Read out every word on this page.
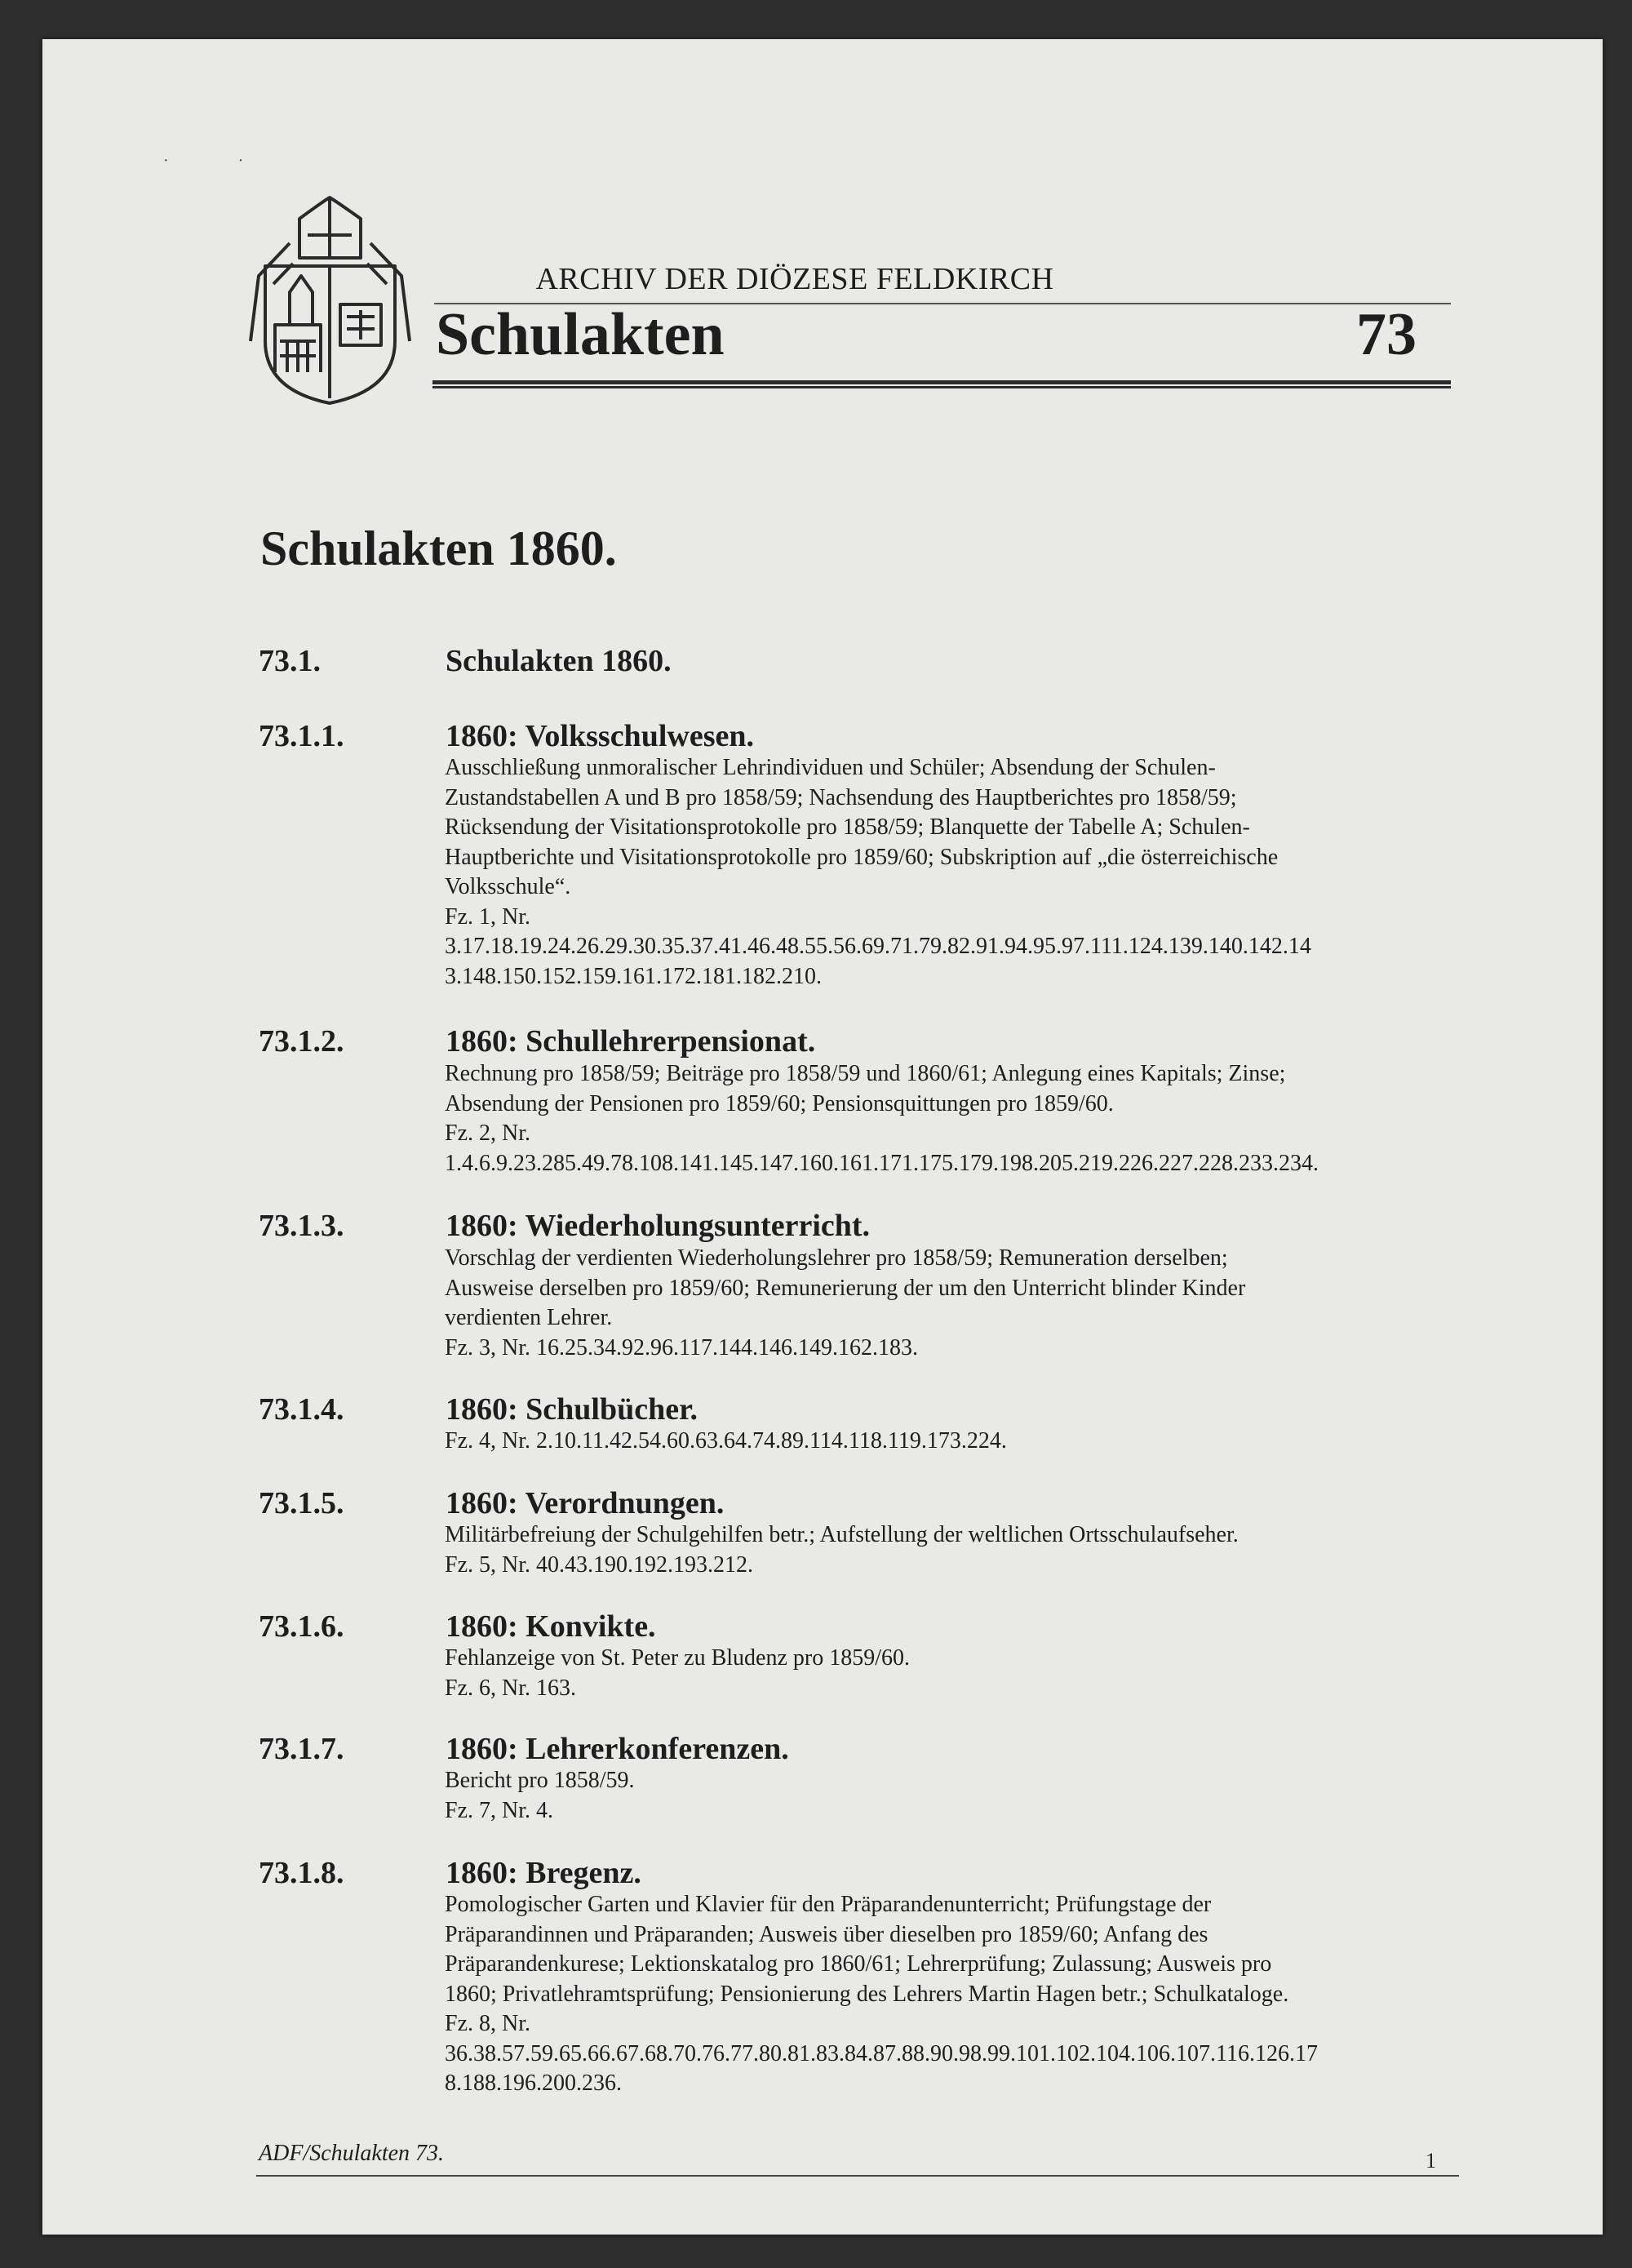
· ·
ARCHIV DER DIÖZESE FELDKIRCH
Schulakten	73
Schulakten 1860.
73.1.	Schulakten 1860.
73.1.1.	1860: Volksschulwesen.
Ausschließung unmoralischer Lehrindividuen und Schüler; Absendung der Schulen-
Zustandstabellen A und B pro 1858/59; Nachsendung des Hauptberichtes pro 1858/59;
Rücksendung der Visitationsprotokolle pro 1858/59; Blanquette der Tabelle A; Schulen-
Hauptberichte und Visitationsprotokolle pro 1859/60; Subskription auf „die österreichische
Volksschule“.
Fz. 1, Nr.
3.17.18.19.24.26.29.30.35.37.41.46.48.55.56.69.71.79.82.91.94.95.97.111.124.139.140.142.14
3.148.150.152.159.161.172.181.182.210.
73.1.2.	1860: Schullehrerpensionat.
Rechnung pro 1858/59; Beiträge pro 1858/59 und 1860/61; Anlegung eines Kapitals; Zinse;
Absendung der Pensionen pro 1859/60; Pensionsquittungen pro 1859/60.
Fz. 2, Nr.
1.4.6.9.23.285.49.78.108.141.145.147.160.161.171.175.179.198.205.219.226.227.228.233.234.
73.1.3.	1860: Wiederholungsunterricht.
Vorschlag der verdienten Wiederholungslehrer pro 1858/59; Remuneration derselben;
Ausweise derselben pro 1859/60; Remunerierung der um den Unterricht blinder Kinder
verdienten Lehrer.
Fz. 3, Nr. 16.25.34.92.96.117.144.146.149.162.183.
73.1.4.	1860: Schulbücher.
Fz. 4, Nr. 2.10.11.42.54.60.63.64.74.89.114.118.119.173.224.
73.1.5.	1860: Verordnungen.
Militärbefreiung der Schulgehilfen betr.; Aufstellung der weltlichen Ortsschulaufseher.
Fz. 5, Nr. 40.43.190.192.193.212.
73.1.6.	1860: Konvikte.
Fehlanzeige von St. Peter zu Bludenz pro 1859/60.
Fz. 6, Nr. 163.
73.1.7.	1860: Lehrerkonferenzen.
Bericht pro 1858/59.
Fz. 7, Nr. 4.
73.1.8.	1860: Bregenz.
Pomologischer Garten und Klavier für den Präparandenunterricht; Prüfungstage der
Präparandinnen und Präparanden; Ausweis über dieselben pro 1859/60; Anfang des
Präparandenkurese; Lektionskatalog pro 1860/61; Lehrerprüfung; Zulassung; Ausweis pro
1860; Privatlehramtsprüfung; Pensionierung des Lehrers Martin Hagen betr.; Schulkataloge.
Fz. 8, Nr.
36.38.57.59.65.66.67.68.70.76.77.80.81.83.84.87.88.90.98.99.101.102.104.106.107.116.126.17
8.188.196.200.236.
ADF/Schulakten 73.	1
